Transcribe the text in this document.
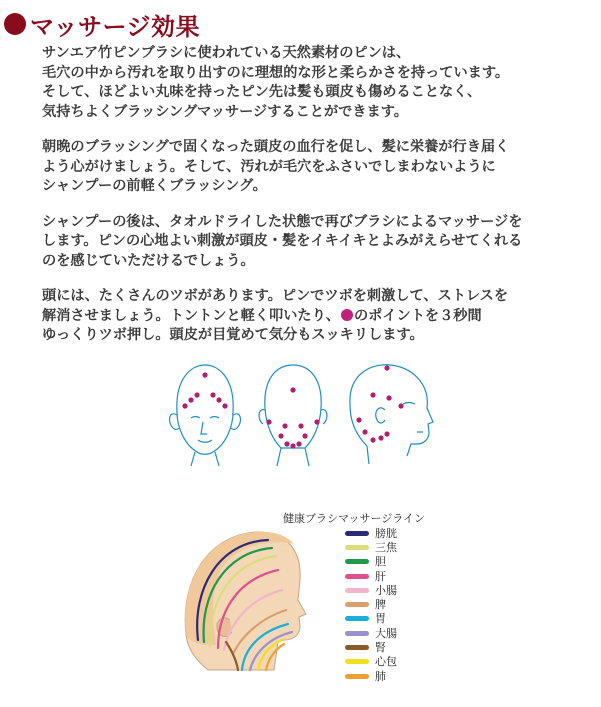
マッサージ効果
サンエア竹ピンブラシに使われている天然素材のピンは、
毛穴の中から汚れを取り出すのに理想的な形と柔らかさを持っています。
そして、ほどよい丸味を持ったピン先は髪も頭皮も傷めることなく、
気持ちよくブラッシングマッサージすることができます。
朝晩のブラッシングで固くなった頭皮の血行を促し、髪に栄養が行き届く
よう心がけましょう。そして、汚れが毛穴をふさいでしまわないように
シャンプーの前軽くブラッシング。
シャンプーの後は、タオルドライした状態で再びブラシによるマッサージを
します。ピンの心地よい刺激が頭皮・髪をイキイキとよみがえらせてくれる
のを感じていただけるでしょう。
頭には、たくさんのツボがあります。ピンでツボを刺激して、ストレスを
解消させましょう。トントンと軽く叩いたり、 のポイントを３秒間
ゆっくりツボ押し。頭皮が目覚めて気分もスッキリします。
健康ブラシマッサージライン
膀胱
三焦
胆
肝
小腸
脾
胃
大腸
腎
心包
肺
